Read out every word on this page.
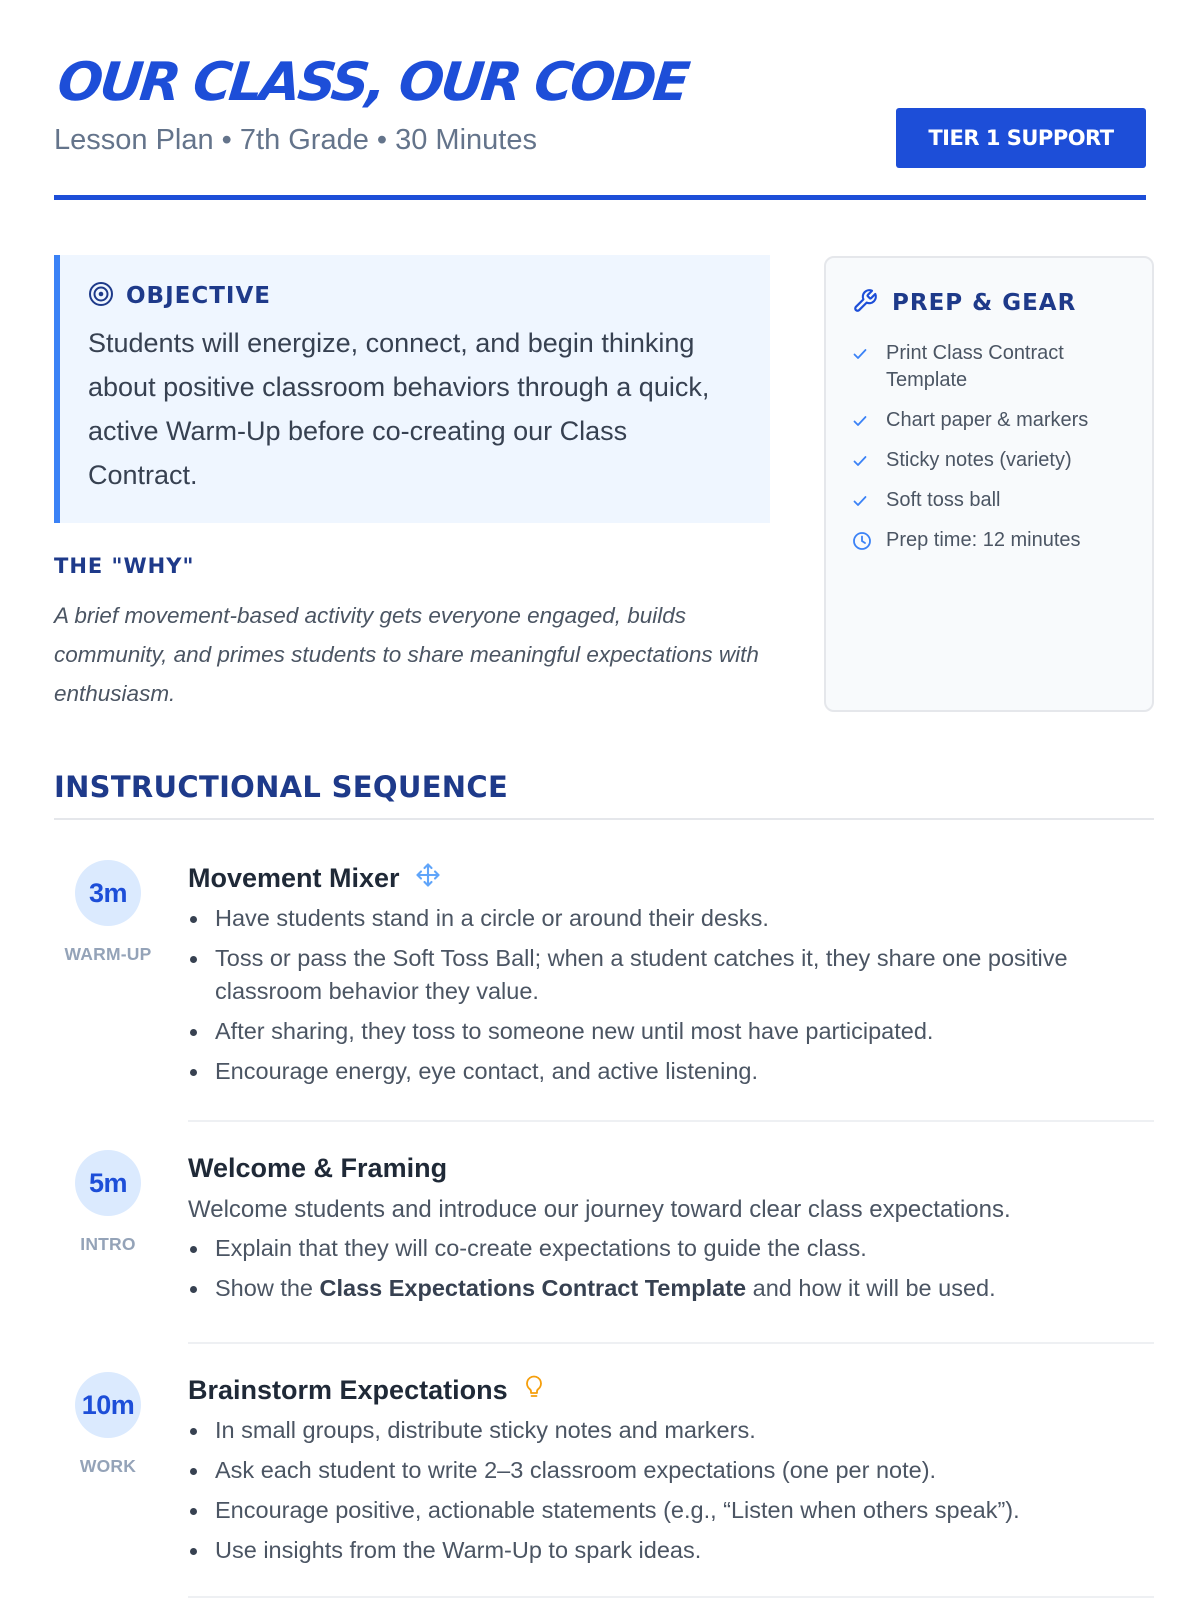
OUR CLASS, OUR CODE
Lesson Plan • 7th Grade • 30 Minutes	TIER 1 SUPPORT
OBJECTIVE

Students will energize, connect, and begin thinking about positive classroom behaviors through a quick, active Warm-Up before co-creating our Class Contract.

THE "WHY"

A brief movement-based activity gets everyone engaged, builds community, and primes students to share meaningful expectations with enthusiasm.

PREP & GEAR
Print Class Contract Template
Chart paper & markers
Sticky notes (variety)
Soft toss ball
Prep time: 12 minutes
INSTRUCTIONAL SEQUENCE
3m
WARM-UP
Movement Mixer
Have students stand in a circle or around their desks.
Toss or pass the Soft Toss Ball; when a student catches it, they share one positive classroom behavior they value.
After sharing, they toss to someone new until most have participated.
Encourage energy, eye contact, and active listening.
5m
INTRO
Welcome & Framing

Welcome students and introduce our journey toward clear class expectations.

Explain that they will co-create expectations to guide the class.
Show the Class Expectations Contract Template and how it will be used.
10m
WORK
Brainstorm Expectations
In small groups, distribute sticky notes and markers.
Ask each student to write 2–3 classroom expectations (one per note).
Encourage positive, actionable statements (e.g., “Listen when others speak”).
Use insights from the Warm-Up to spark ideas.
